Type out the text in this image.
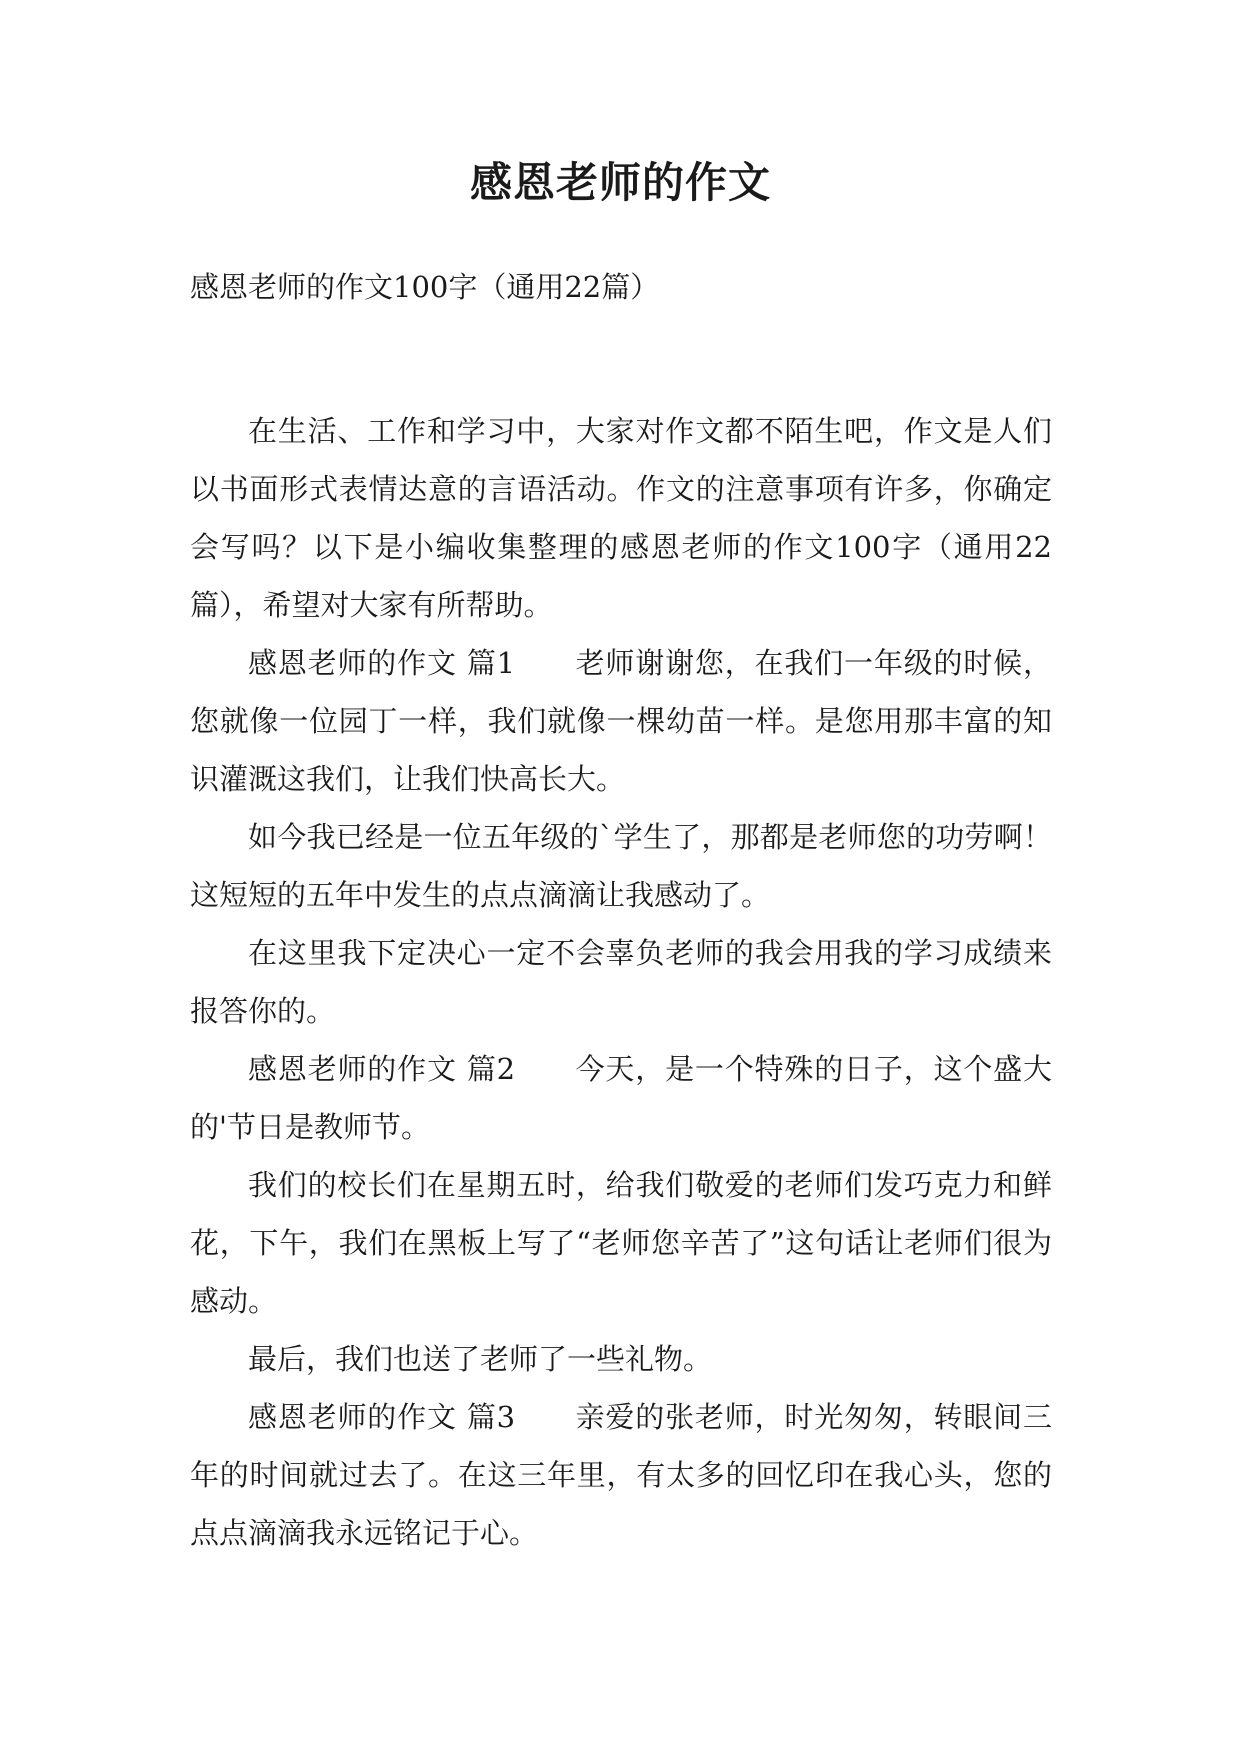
感恩老师的作文
感恩老师的作文100字（通用22篇）

在生活、工作和学习中，大家对作文都不陌生吧，作文是人们以书面形式表情达意的言语活动。作文的注意事项有许多，你确定会写吗？以下是小编收集整理的感恩老师的作文100字（通用22篇），希望对大家有所帮助。

感恩老师的作文 篇1　　老师谢谢您，在我们一年级的时候，您就像一位园丁一样，我们就像一棵幼苗一样。是您用那丰富的知识灌溉这我们，让我们快高长大。

如今我已经是一位五年级的`学生了，那都是老师您的功劳啊！这短短的五年中发生的点点滴滴让我感动了。

在这里我下定决心一定不会辜负老师的我会用我的学习成绩来报答你的。

感恩老师的作文 篇2　　今天，是一个特殊的日子，这个盛大的'节日是教师节。

我们的校长们在星期五时，给我们敬爱的老师们发巧克力和鲜花，下午，我们在黑板上写了“老师您辛苦了”这句话让老师们很为感动。

最后，我们也送了老师了一些礼物。

感恩老师的作文 篇3　　亲爱的张老师，时光匆匆，转眼间三年的时间就过去了。在这三年里，有太多的回忆印在我心头，您的点点滴滴我永远铭记于心。
